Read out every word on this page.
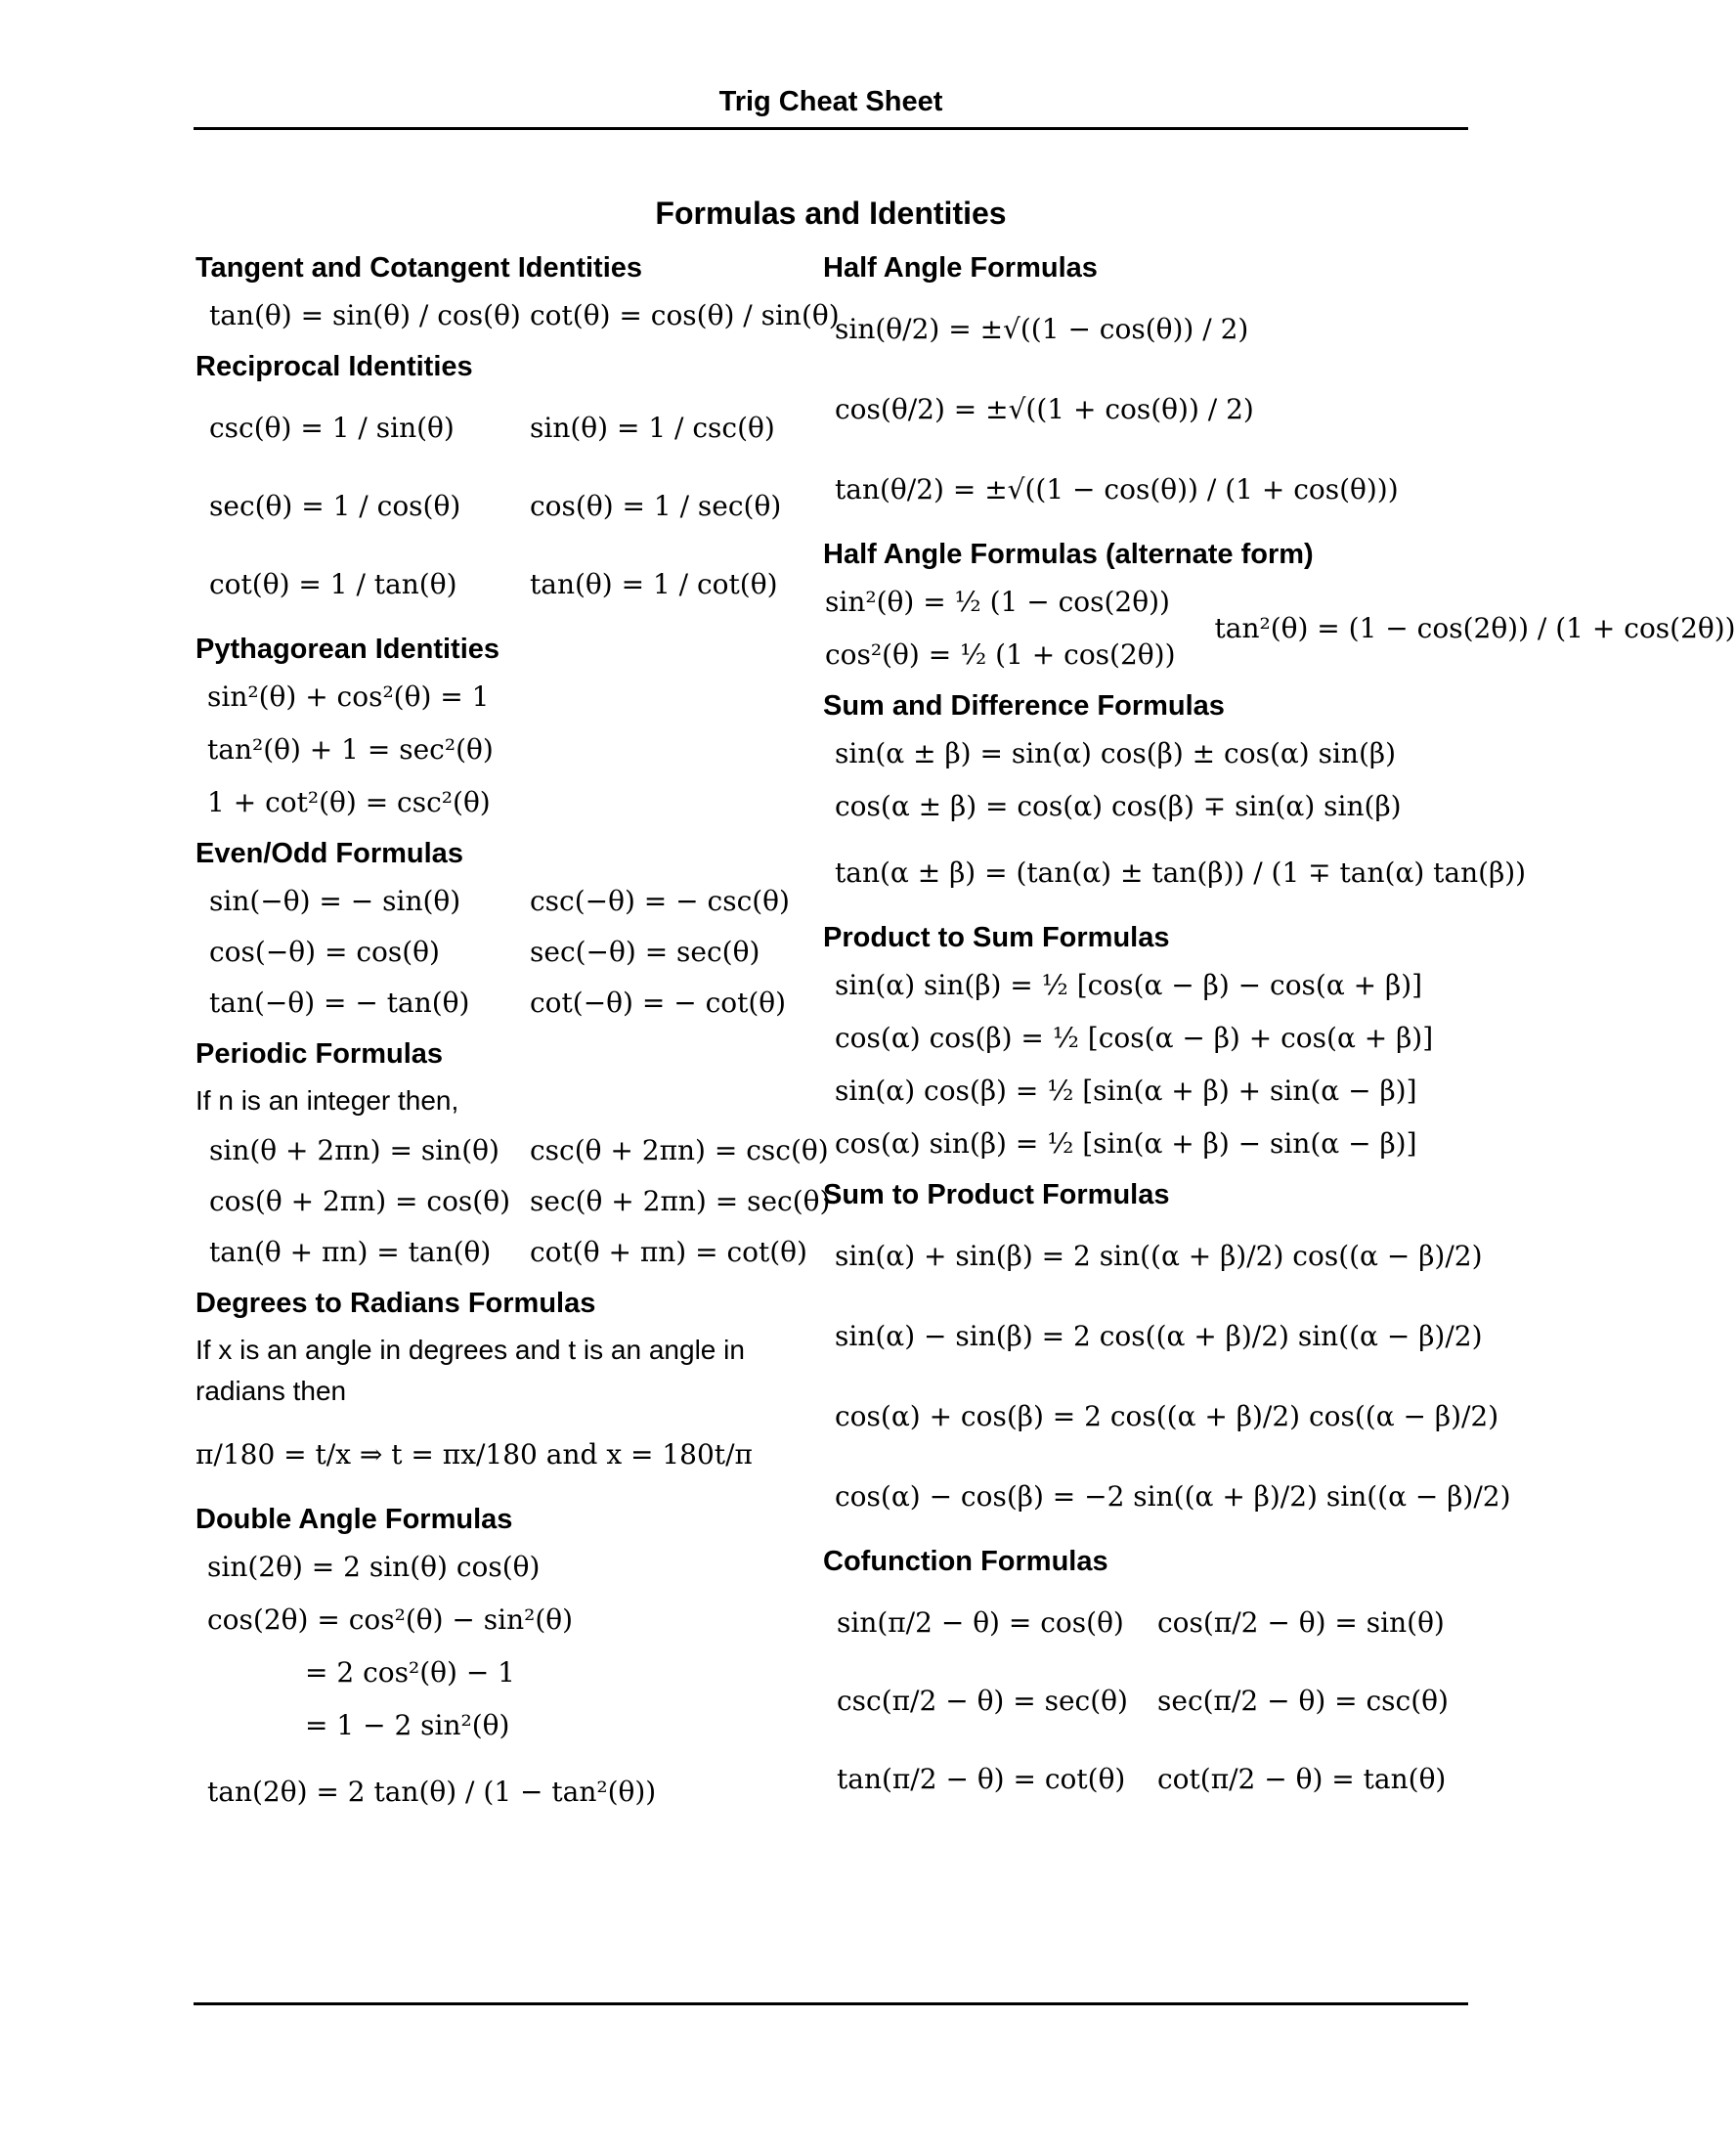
Trig Cheat Sheet
Formulas and Identities
Tangent and Cotangent Identities
tan(θ) = sin(θ) / cos(θ) cot(θ) = cos(θ) / sin(θ)
Reciprocal Identities
csc(θ) = 1 / sin(θ)	sin(θ) = 1 / csc(θ)
sec(θ) = 1 / cos(θ)	cos(θ) = 1 / sec(θ)
cot(θ) = 1 / tan(θ)	tan(θ) = 1 / cot(θ)
Pythagorean Identities
sin²(θ) + cos²(θ) = 1
tan²(θ) + 1 = sec²(θ)
1 + cot²(θ) = csc²(θ)
Even/Odd Formulas
sin(−θ) = − sin(θ)	csc(−θ) = − csc(θ)
cos(−θ) = cos(θ)	sec(−θ) = sec(θ)
tan(−θ) = − tan(θ)	cot(−θ) = − cot(θ)
Periodic Formulas
If n is an integer then,
sin(θ + 2πn) = sin(θ)	csc(θ + 2πn) = csc(θ)
cos(θ + 2πn) = cos(θ) sec(θ + 2πn) = sec(θ)
tan(θ + πn) = tan(θ)	cot(θ + πn) = cot(θ)
Degrees to Radians Formulas
If x is an angle in degrees and t is an angle in radians then
π/180 = t/x ⇒ t = πx/180 and x = 180t/π
Double Angle Formulas
sin(2θ) = 2 sin(θ) cos(θ)
cos(2θ) = cos²(θ) − sin²(θ)
= 2 cos²(θ) − 1
= 1 − 2 sin²(θ)
tan(2θ) = 2 tan(θ) / (1 − tan²(θ))
Half Angle Formulas
sin(θ/2) = ±√((1 − cos(θ)) / 2)
cos(θ/2) = ±√((1 + cos(θ)) / 2)
tan(θ/2) = ±√((1 − cos(θ)) / (1 + cos(θ)))
Half Angle Formulas (alternate form)
sin²(θ) = ½ (1 − cos(2θ))
cos²(θ) = ½ (1 + cos(2θ))
tan²(θ) = (1 − cos(2θ)) / (1 + cos(2θ))
Sum and Difference Formulas
sin(α ± β) = sin(α) cos(β) ± cos(α) sin(β)
cos(α ± β) = cos(α) cos(β) ∓ sin(α) sin(β)
tan(α ± β) = (tan(α) ± tan(β)) / (1 ∓ tan(α) tan(β))
Product to Sum Formulas
sin(α) sin(β) = ½ [cos(α − β) − cos(α + β)]
cos(α) cos(β) = ½ [cos(α − β) + cos(α + β)]
sin(α) cos(β) = ½ [sin(α + β) + sin(α − β)]
cos(α) sin(β) = ½ [sin(α + β) − sin(α − β)]
Sum to Product Formulas
sin(α) + sin(β) = 2 sin((α + β)/2) cos((α − β)/2)
sin(α) − sin(β) = 2 cos((α + β)/2) sin((α − β)/2)
cos(α) + cos(β) = 2 cos((α + β)/2) cos((α − β)/2)
cos(α) − cos(β) = −2 sin((α + β)/2) sin((α − β)/2)
Cofunction Formulas
sin(π/2 − θ) = cos(θ)	cos(π/2 − θ) = sin(θ)
csc(π/2 − θ) = sec(θ)	sec(π/2 − θ) = csc(θ)
tan(π/2 − θ) = cot(θ)	cot(π/2 − θ) = tan(θ)
